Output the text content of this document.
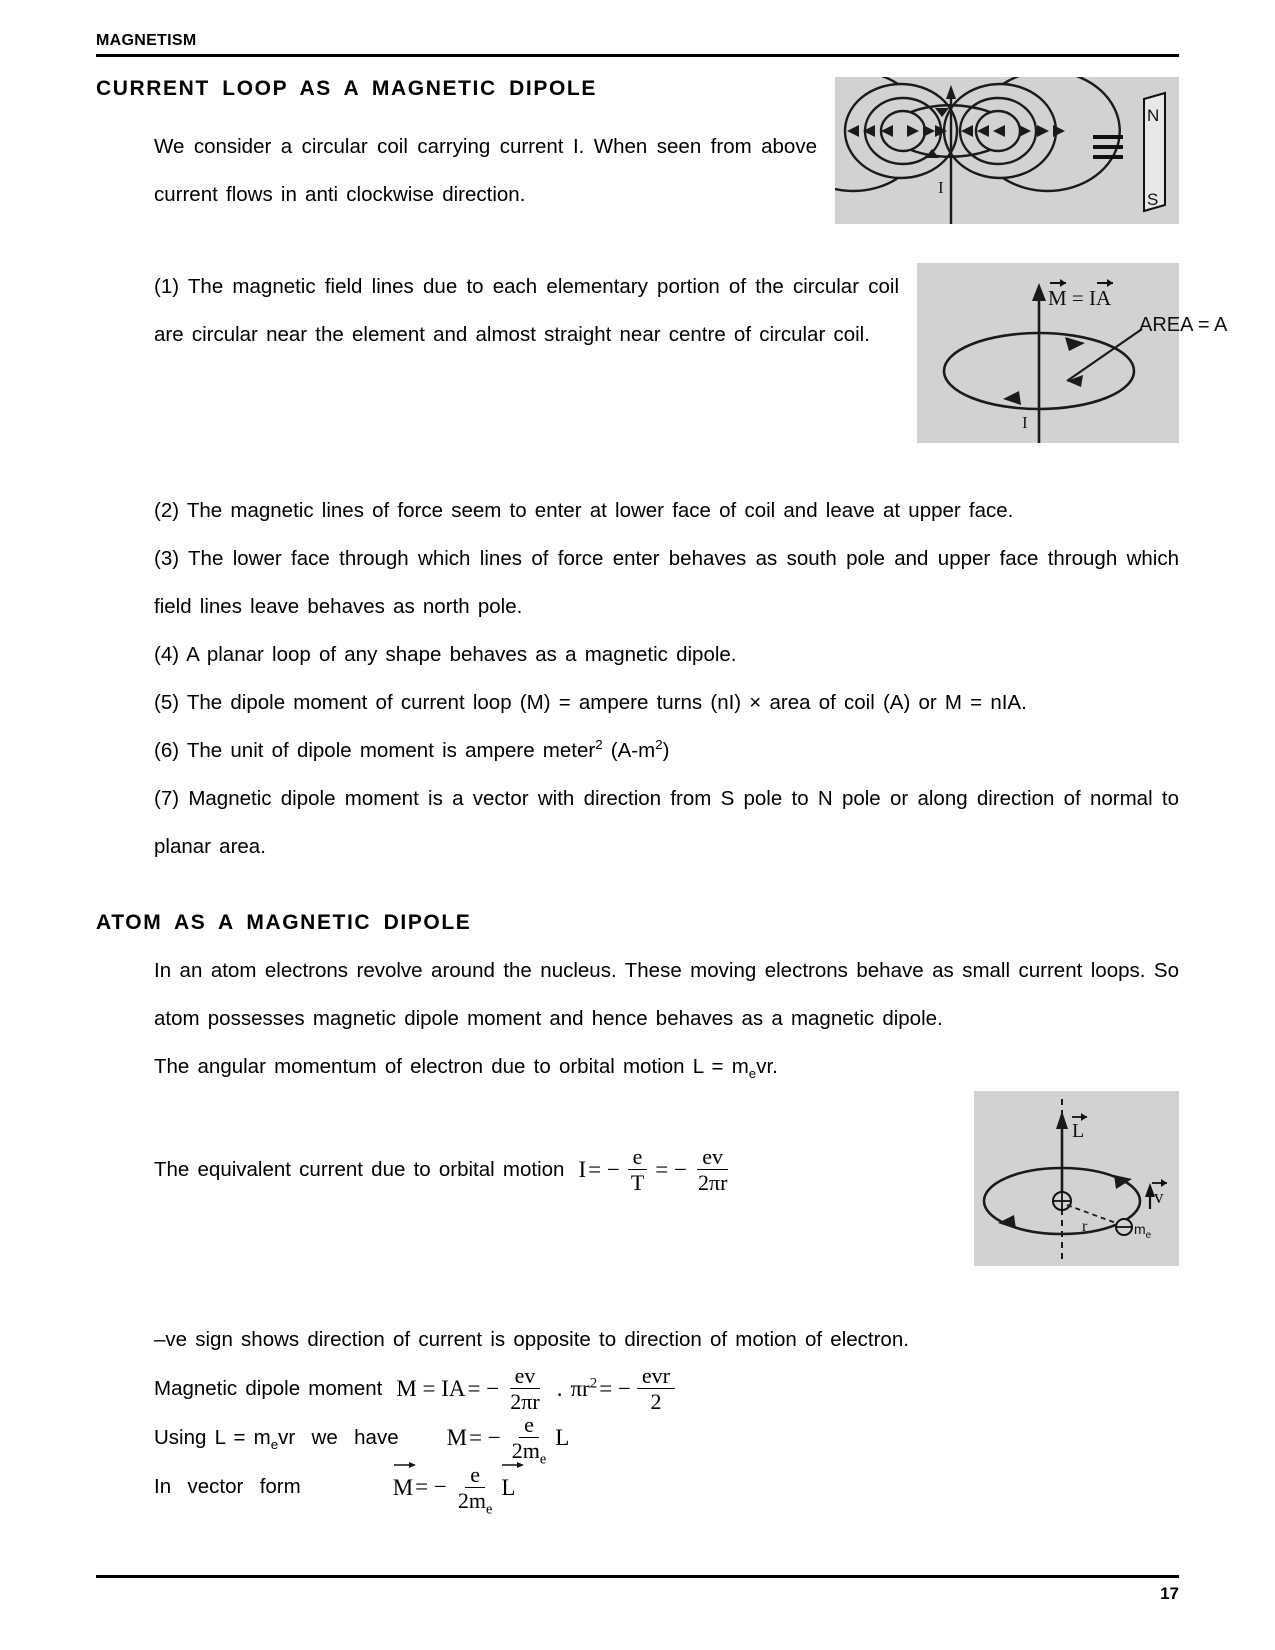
MAGNETISM
I
N
S
CURRENT LOOP AS A MAGNETIC DIPOLE

We consider a circular coil carrying current I. When seen from above current flows in anti clockwise direction.

M = IA
AREA = A
I

(1) The magnetic field lines due to each elementary portion of the circular coil are circular near the element and almost straight near centre of circular coil.

(2) The magnetic lines of force seem to enter at lower face of coil and leave at upper face.

(3) The lower face through which lines of force enter behaves as south pole and upper face through which field lines leave behaves as north pole.

(4) A planar loop of any shape behaves as a magnetic dipole.

(5) The dipole moment of current loop (M) = ampere turns (nI) × area of coil (A) or M = nIA.

(6) The unit of dipole moment is ampere meter$^2$ $(A-m^2)$

(7) Magnetic dipole moment is a vector with direction from S pole to N pole or along direction of normal to planar area.

ATOM AS A MAGNETIC DIPOLE

In an atom electrons revolve around the nucleus. These moving electrons behave as small current loops. So atom possesses magnetic dipole moment and hence behaves as a magnetic dipole.

The angular momentum of electron due to orbital motion $L = m_evr$.

L
r	$m_e$
v
The equivalent current due to orbital motion I = − $\frac{e}{T}$ = − $\frac{ev}{2\pi r}$

–ve sign shows direction of current is opposite to direction of motion of electron.

Magnetic dipole moment M = IA = − $\frac{ev}{2\pi r}$ . $\pi r^2$ = − $\frac{\text{evr}}{2}$
Using $L = m_evr$  we  have M = − $\frac{e}{2m_e}$ L
In  vector  form	M = − $\frac{e}{2m_e}$ L
17
